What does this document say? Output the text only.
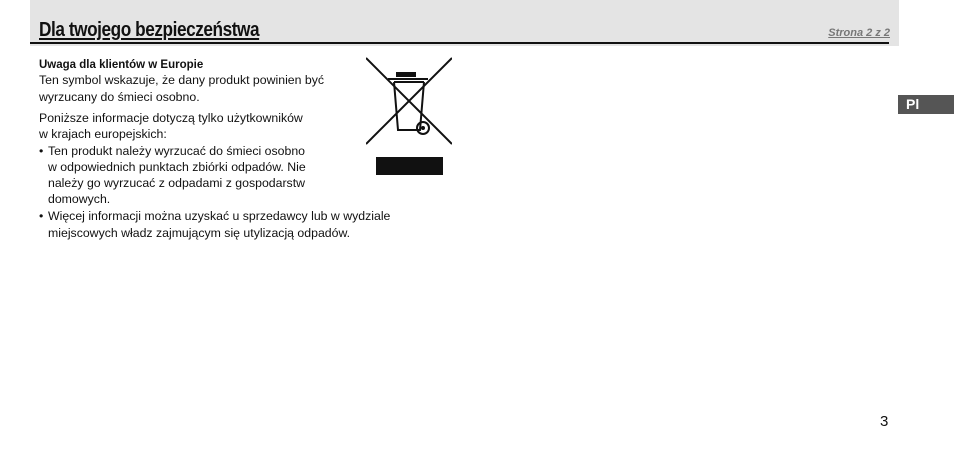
Dla twojego bezpieczeństwa	Strona 2 z 2
Pl
Uwaga dla klientów w Europie
Ten symbol wskazuje, że dany produkt powinien być
wyrzucany do śmieci osobno.
Poniższe informacje dotyczą tylko użytkowników
w krajach europejskich:
• Ten produkt należy wyrzucać do śmieci osobno
w odpowiednich punktach zbiórki odpadów. Nie
należy go wyrzucać z odpadami z gospodarstw
domowych.
• Więcej informacji można uzyskać u sprzedawcy lub w wydziale
miejscowych władz zajmującym się utylizacją odpadów.
3
